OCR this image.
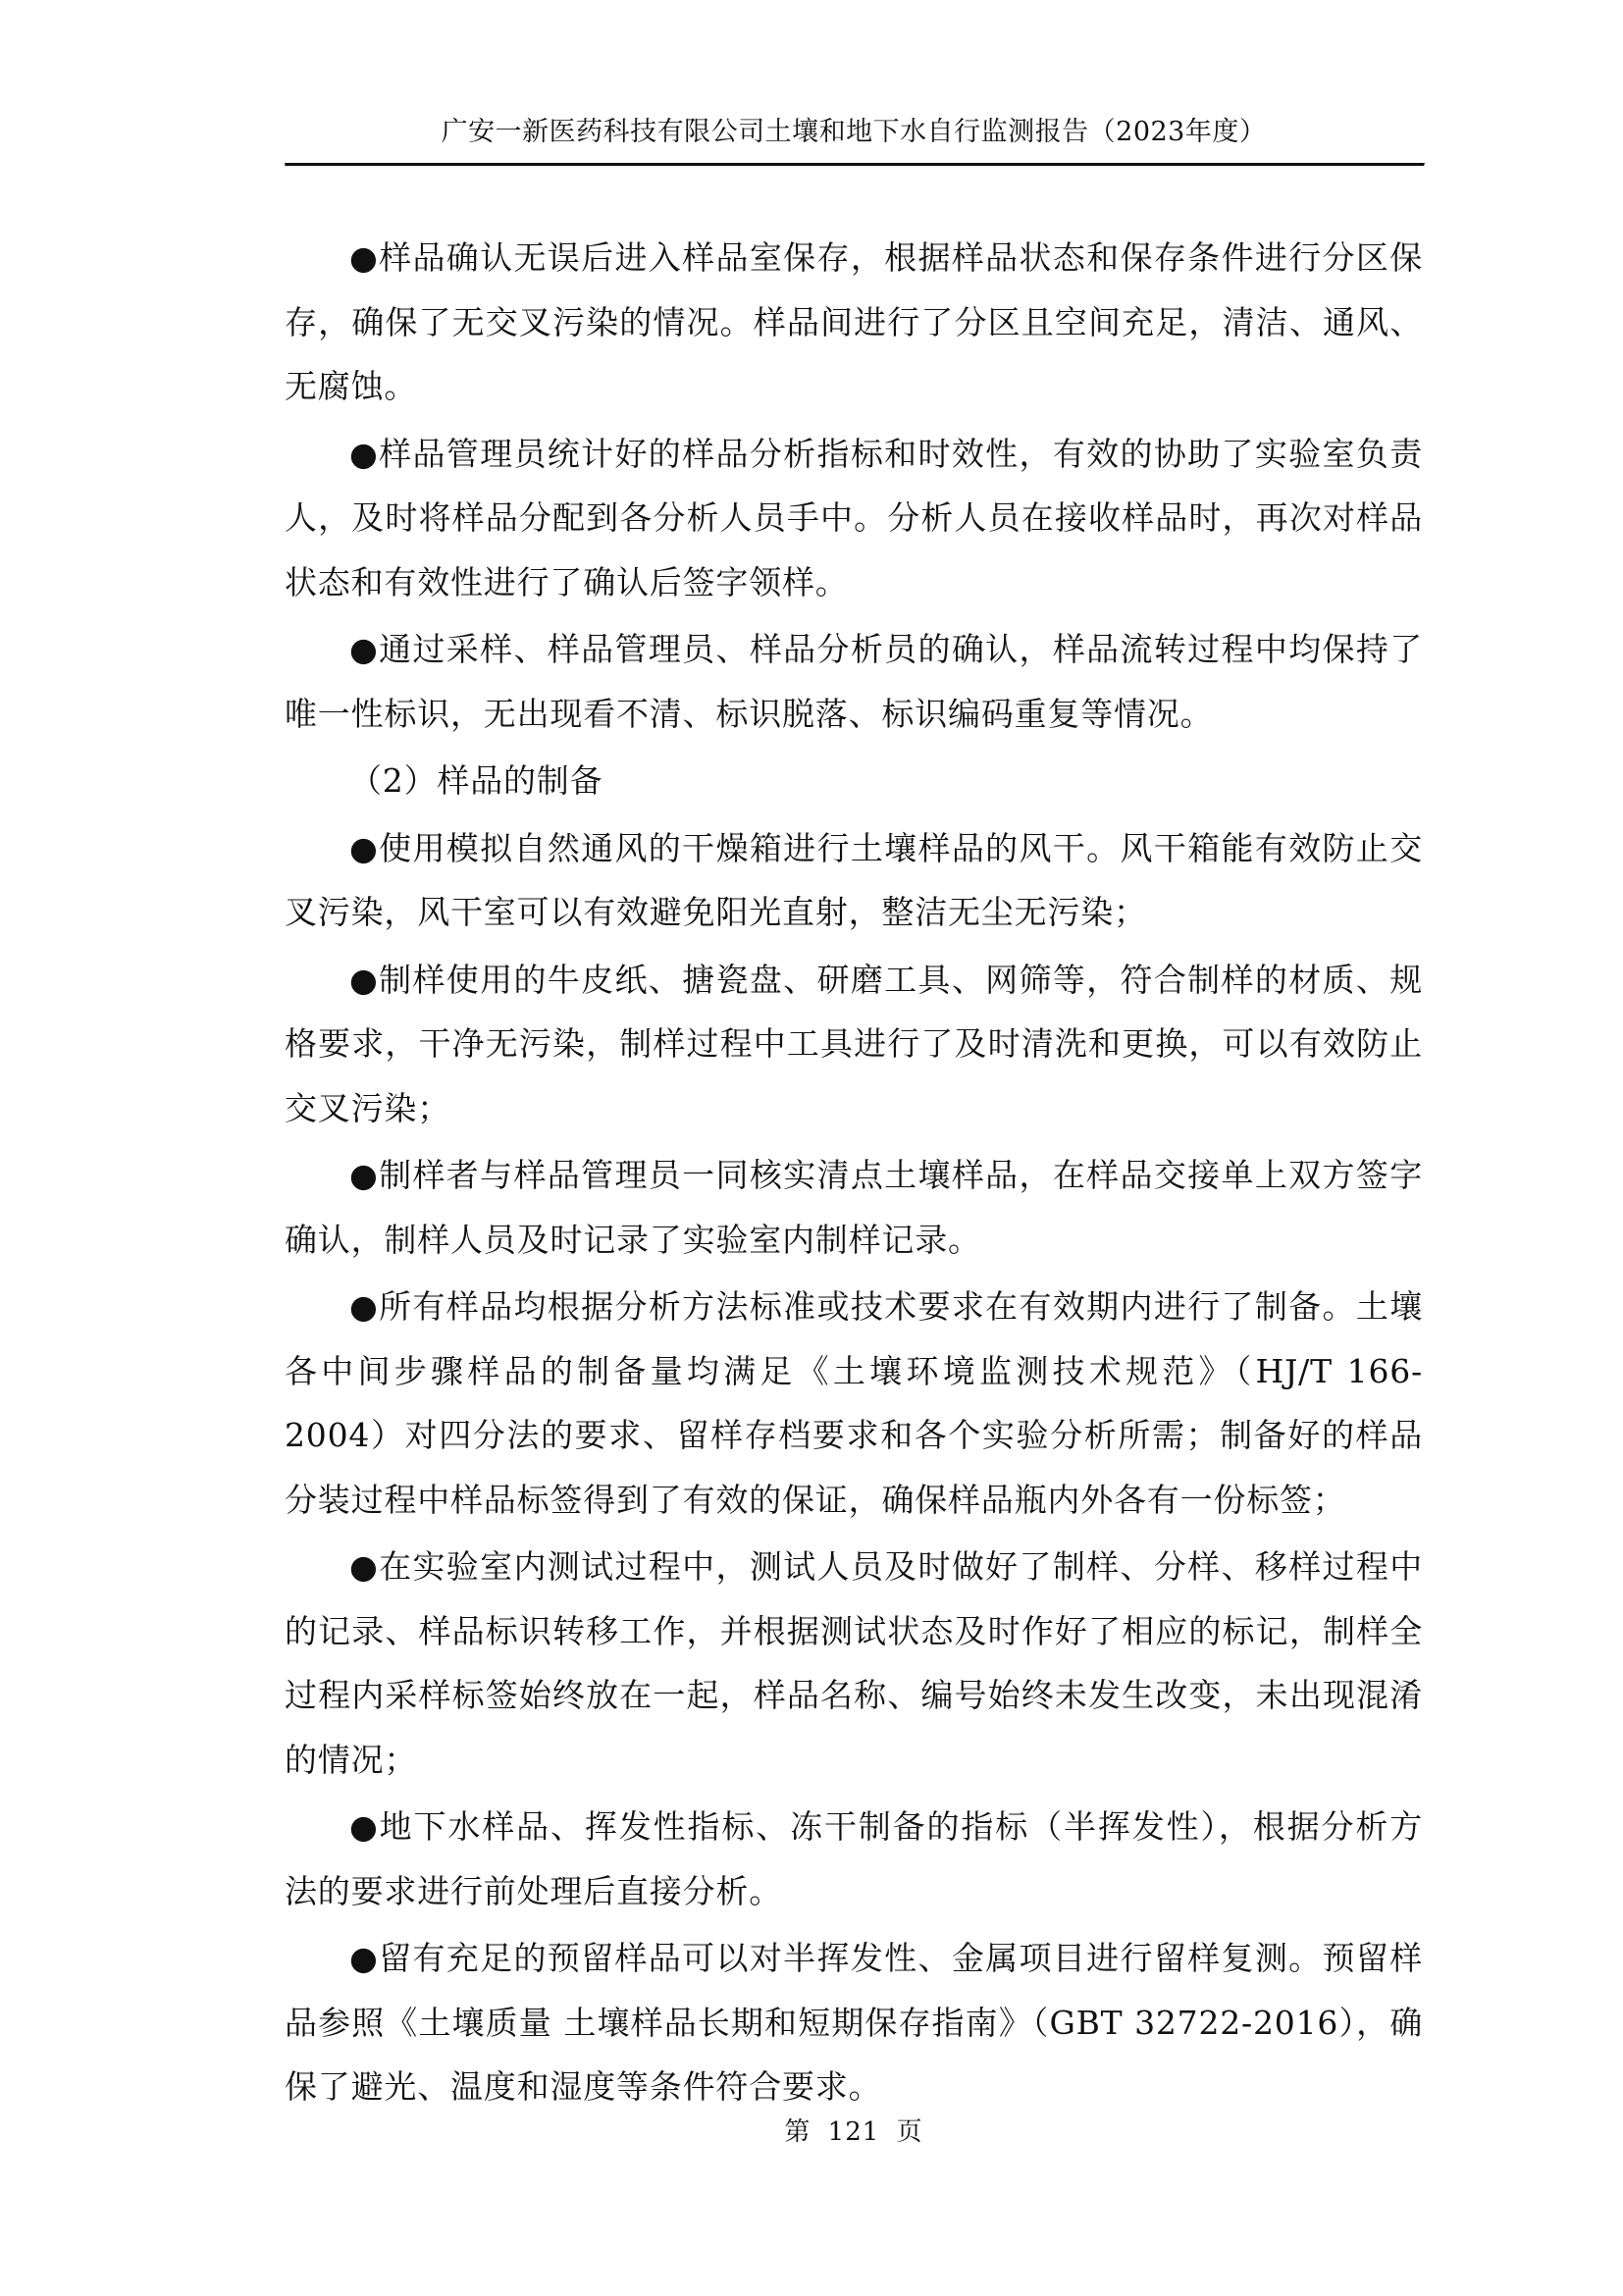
广安一新医药科技有限公司土壤和地下水自行监测报告（2023年度）

●样品确认无误后进入样品室保存，根据样品状态和保存条件进行分区保存，确保了无交叉污染的情况。样品间进行了分区且空间充足，清洁、通风、无腐蚀。

●样品管理员统计好的样品分析指标和时效性，有效的协助了实验室负责人，及时将样品分配到各分析人员手中。分析人员在接收样品时，再次对样品状态和有效性进行了确认后签字领样。

●通过采样、样品管理员、样品分析员的确认，样品流转过程中均保持了唯一性标识，无出现看不清、标识脱落、标识编码重复等情况。

（2）样品的制备

●使用模拟自然通风的干燥箱进行土壤样品的风干。风干箱能有效防止交叉污染，风干室可以有效避免阳光直射，整洁无尘无污染；

●制样使用的牛皮纸、搪瓷盘、研磨工具、网筛等，符合制样的材质、规格要求，干净无污染，制样过程中工具进行了及时清洗和更换，可以有效防止交叉污染；

●制样者与样品管理员一同核实清点土壤样品，在样品交接单上双方签字确认，制样人员及时记录了实验室内制样记录。

●所有样品均根据分析方法标准或技术要求在有效期内进行了制备。土壤各中间步骤样品的制备量均满足《土壤环境监测技术规范》（HJ/T 166-2004）对四分法的要求、留样存档要求和各个实验分析所需；制备好的样品分装过程中样品标签得到了有效的保证，确保样品瓶内外各有一份标签；

●在实验室内测试过程中，测试人员及时做好了制样、分样、移样过程中的记录、样品标识转移工作，并根据测试状态及时作好了相应的标记，制样全过程内采样标签始终放在一起，样品名称、编号始终未发生改变，未出现混淆的情况；

●地下水样品、挥发性指标、冻干制备的指标（半挥发性），根据分析方法的要求进行前处理后直接分析。

●留有充足的预留样品可以对半挥发性、金属项目进行留样复测。预留样品参照《土壤质量 土壤样品长期和短期保存指南》（GBT 32722-2016），确保了避光、温度和湿度等条件符合要求。

第 121 页
